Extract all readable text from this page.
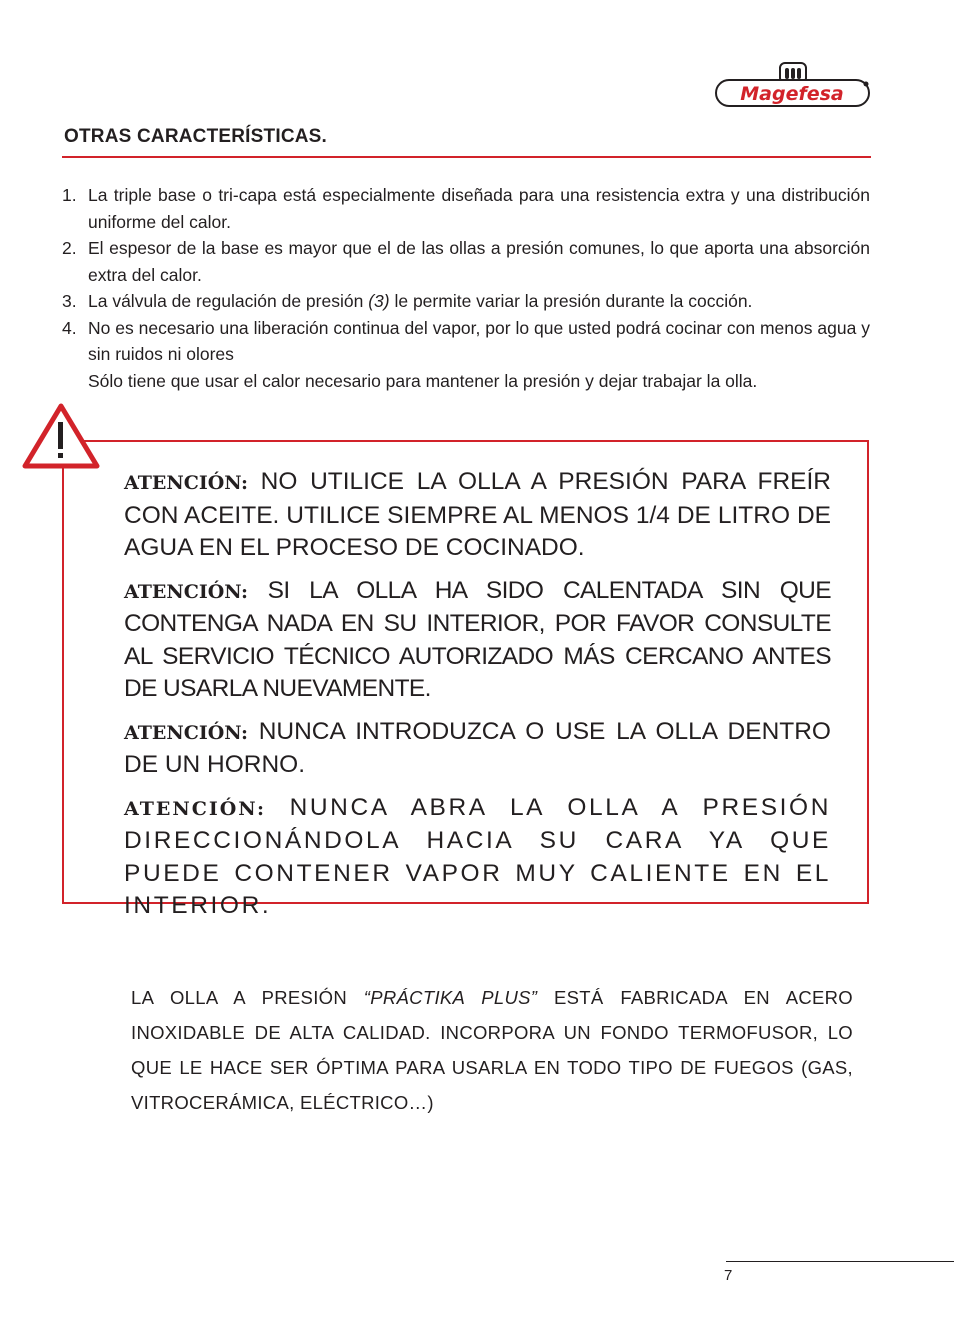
Magefesa
OTRAS CARACTERÍSTICAS.
1. La triple base o tri-capa está especialmente diseñada para una resistencia extra y una distribución uniforme del calor.
2. El espesor de la base es mayor que el de las ollas a presión comunes, lo que aporta una absorción extra del calor.
3. La válvula de regulación de presión (3) le permite variar la presión durante la cocción.
4. No es necesario una liberación continua del vapor, por lo que usted podrá cocinar con menos agua y sin ruidos ni olores
Sólo tiene que usar el calor necesario para mantener la presión y dejar trabajar la olla.

ATENCIÓN: NO UTILICE LA OLLA A PRESIÓN PARA FREÍR CON ACEITE. UTILICE SIEMPRE AL MENOS 1/4 DE LITRO DE AGUA EN EL PROCESO DE COCINADO.

ATENCIÓN: SI LA OLLA HA SIDO CALENTADA SIN QUE CONTENGA NADA EN SU INTERIOR, POR FAVOR CONSULTE AL SERVICIO TÉCNICO AUTORIZADO MÁS CERCANO ANTES DE USARLA NUEVAMENTE.

ATENCIÓN: NUNCA INTRODUZCA O USE LA OLLA DENTRO DE UN HORNO.

ATENCIÓN: NUNCA ABRA LA OLLA A PRESIÓN DIRECCIONÁNDOLA HACIA SU CARA YA QUE PUEDE CONTENER VAPOR MUY CALIENTE EN EL INTERIOR.

LA OLLA A PRESIÓN “PRÁCTIKA PLUS” ESTÁ FABRICADA EN ACERO INOXIDABLE DE ALTA CALIDAD. INCORPORA UN FONDO TERMOFUSOR, LO QUE LE HACE SER ÓPTIMA PARA USARLA EN TODO TIPO DE FUEGOS (GAS, VITROCERÁMICA, ELÉCTRICO…)

7
